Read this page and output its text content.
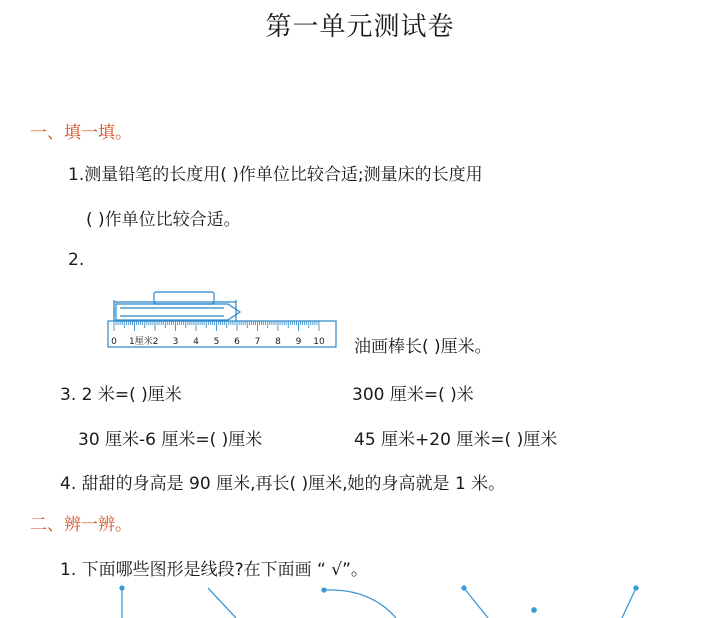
第一单元测试卷
一、填一填。
1.测量铅笔的长度用( )作单位比较合适;测量床的长度用
( )作单位比较合适。
2.
0 1厘米2 3 4 5 6 7 8 9 10 油画棒长( )厘米。
3. 2 米=( )厘米	300 厘米=( )米
30 厘米-6 厘米=( )厘米	45 厘米+20 厘米=( )厘米
4. 甜甜的身高是 90 厘米,再长( )厘米,她的身高就是 1 米。
二、辨一辨。
1. 下面哪些图形是线段?在下面画 “ √”。
